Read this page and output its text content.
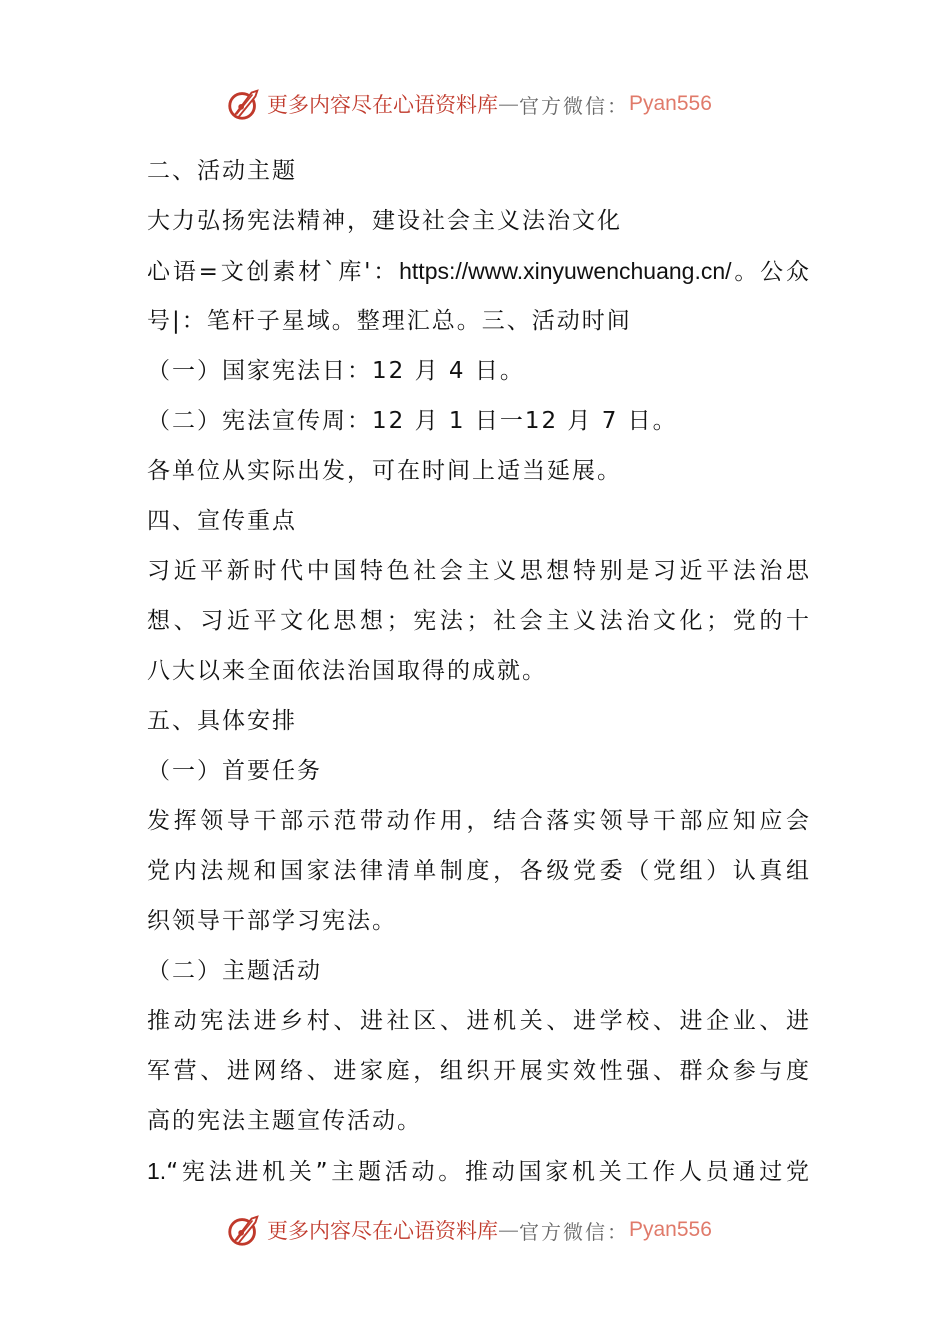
更多内容尽在心语资料库 — 官方微信： Pyan556
二、活动主题
大力弘扬宪法精神，建设社会主义法治文化
心语=文创素材`库'：https://www.xinyuwenchuang.cn/。公众
号|：笔杆子星域。整理汇总。三、活动时间
（一）国家宪法日：12 月 4 日。
（二）宪法宣传周：12 月 1 日一12 月 7 日。
各单位从实际出发，可在时间上适当延展。
四、宣传重点
习近平新时代中国特色社会主义思想特别是习近平法治思
想、习近平文化思想；宪法；社会主义法治文化；党的十
八大以来全面依法治国取得的成就。
五、具体安排
（一）首要任务
发挥领导干部示范带动作用，结合落实领导干部应知应会
党内法规和国家法律清单制度，各级党委（党组）认真组
织领导干部学习宪法。
（二）主题活动
推动宪法进乡村、进社区、进机关、进学校、进企业、进
军营、进网络、进家庭，组织开展实效性强、群众参与度
高的宪法主题宣传活动。
1.“宪法进机关”主题活动。推动国家机关工作人员通过党
更多内容尽在心语资料库 — 官方微信： Pyan556
